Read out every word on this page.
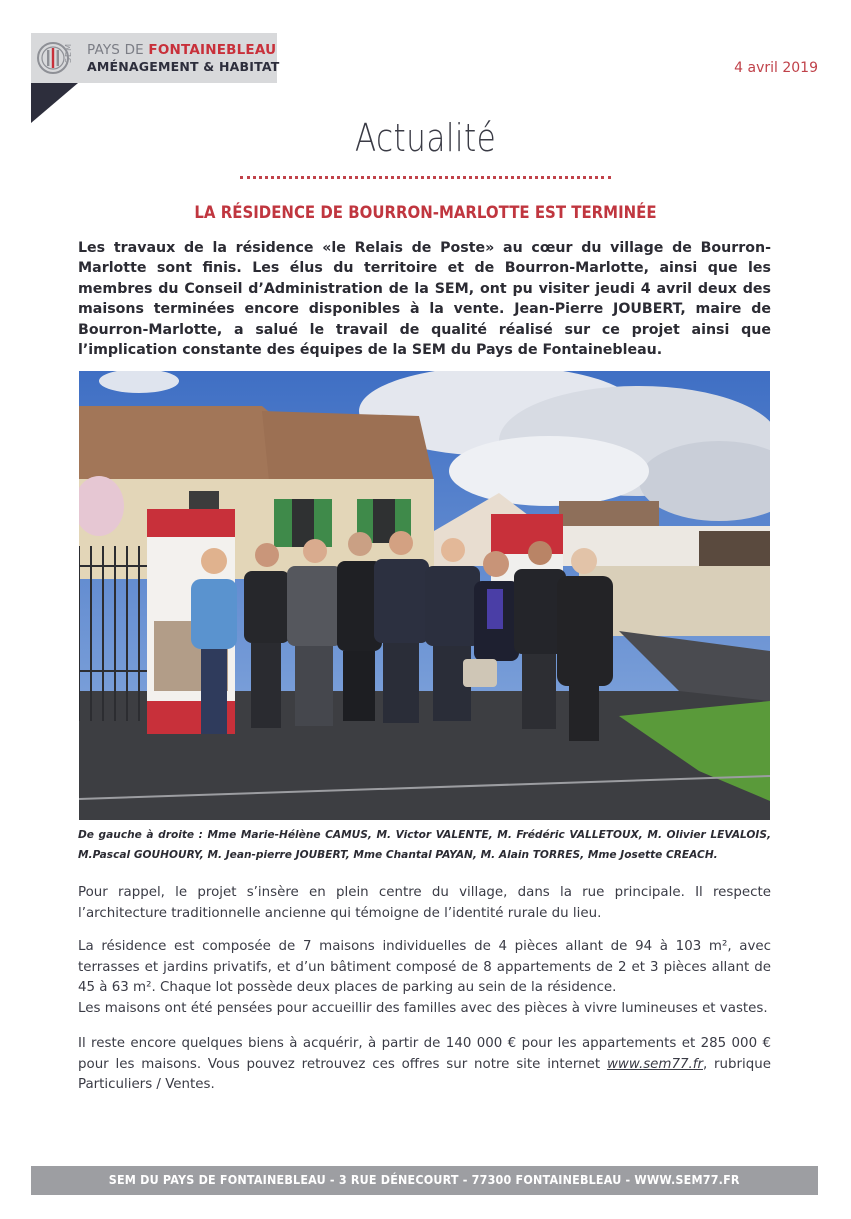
SEM PAYS DE FONTAINEBLEAU
AMÉNAGEMENT & HABITAT	4 avril 2019
Actualité
LA RÉSIDENCE DE BOURRON-MARLOTTE EST TERMINÉE
Les travaux de la résidence «le Relais de Poste» au cœur du village de Bourron-Marlotte sont finis. Les élus du territoire et de Bourron-Marlotte, ainsi que les membres du Conseil d’Administration de la SEM, ont pu visiter jeudi 4 avril deux des maisons terminées encore disponibles à la vente. Jean-Pierre JOUBERT, maire de Bourron-Marlotte, a salué le travail de qualité réalisé sur ce projet ainsi que l’implication constante des équipes de la SEM du Pays de Fontainebleau.
De gauche à droite : Mme Marie-Hélène CAMUS, M. Victor VALENTE, M. Frédéric VALLETOUX, M. Olivier LEVALOIS, M.Pascal GOUHOURY, M. Jean-pierre JOUBERT, Mme Chantal PAYAN, M. Alain TORRES, Mme Josette CREACH.
Pour rappel, le projet s’insère en plein centre du village, dans la rue principale. Il respecte l’architecture traditionnelle ancienne qui témoigne de l’identité rurale du lieu.
La résidence est composée de 7 maisons individuelles de 4 pièces allant de 94 à 103 m², avec terrasses et jardins privatifs, et d’un bâtiment composé de 8 appartements de 2 et 3 pièces allant de 45 à 63 m². Chaque lot possède deux places de parking au sein de la résidence.
Les maisons ont été pensées pour accueillir des familles avec des pièces à vivre lumineuses et vastes.
Il reste encore quelques biens à acquérir, à partir de 140 000 € pour les appartements et 285 000 € pour les maisons. Vous pouvez retrouvez ces offres sur notre site internet www.sem77.fr, rubrique Particuliers / Ventes.
SEM DU PAYS DE FONTAINEBLEAU - 3 RUE DÉNECOURT - 77300 FONTAINEBLEAU - WWW.SEM77.FR
